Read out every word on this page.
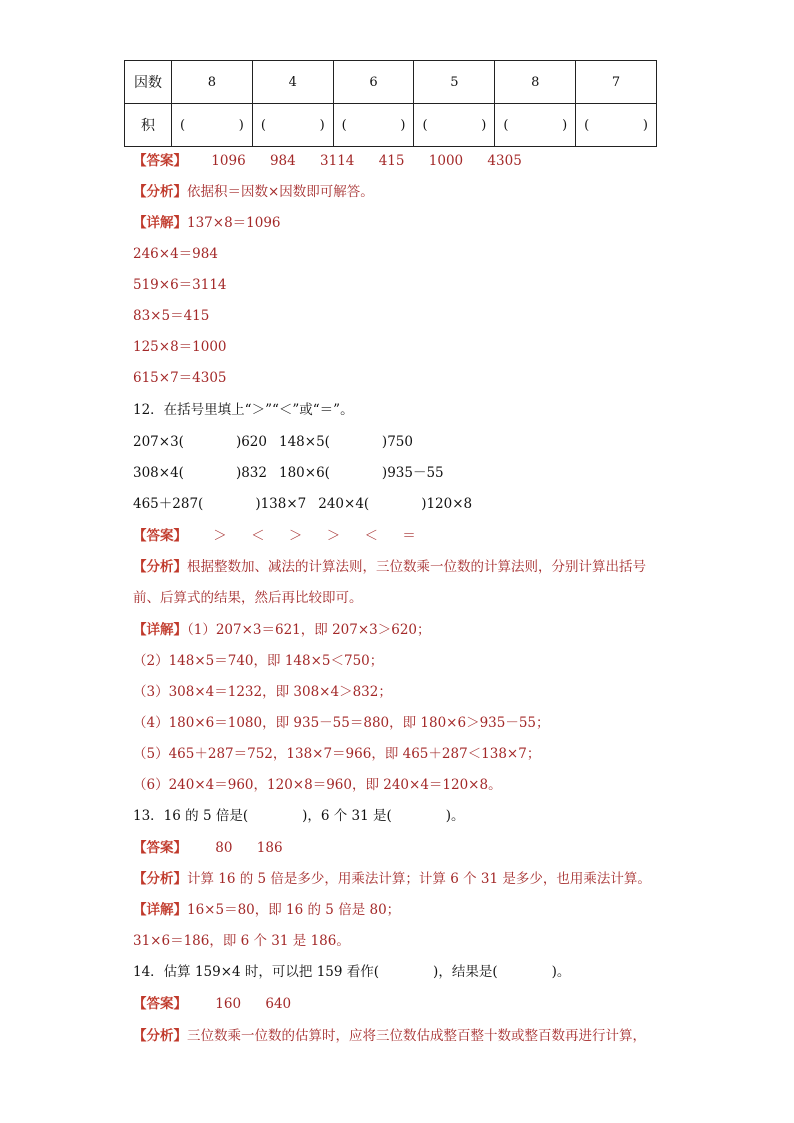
因数	8	4	6	5	8	7
积	( )	( )	( )	( )	( )	( )
【答案】 1096 984 3114 415 1000 4305
【分析】依据积＝因数×因数即可解答。
【详解】137×8＝1096
246×4＝984
519×6＝3114
83×5＝415
125×8＝1000
615×7＝4305
12．在括号里填上“＞”“＜”或“＝”。
207×3(	)620 148×5(	)750
308×4(	)832 180×6(	)935－55
465＋287(	)138×7 240×4(	)120×8
【答案】 ＞ ＜ ＞ ＞ ＜ ＝
【分析】根据整数加、减法的计算法则，三位数乘一位数的计算法则，分别计算出括号
前、后算式的结果，然后再比较即可。
【详解】（1）207×3＝621，即 207×3＞620；
（2）148×5＝740，即 148×5＜750；
（3）308×4＝1232，即 308×4＞832；
（4）180×6＝1080，即 935－55＝880，即 180×6＞935－55；
（5）465＋287＝752，138×7＝966，即 465＋287＜138×7；
（6）240×4＝960，120×8＝960，即 240×4＝120×8。
13．16 的 5 倍是(	)，6 个 31 是(	)。
【答案】 80 186
【分析】计算 16 的 5 倍是多少，用乘法计算；计算 6 个 31 是多少，也用乘法计算。
【详解】16×5＝80，即 16 的 5 倍是 80；
31×6＝186，即 6 个 31 是 186。
14．估算 159×4 时，可以把 159 看作(	)，结果是(	)。
【答案】 160 640
【分析】三位数乘一位数的估算时，应将三位数估成整百整十数或整百数再进行计算，
